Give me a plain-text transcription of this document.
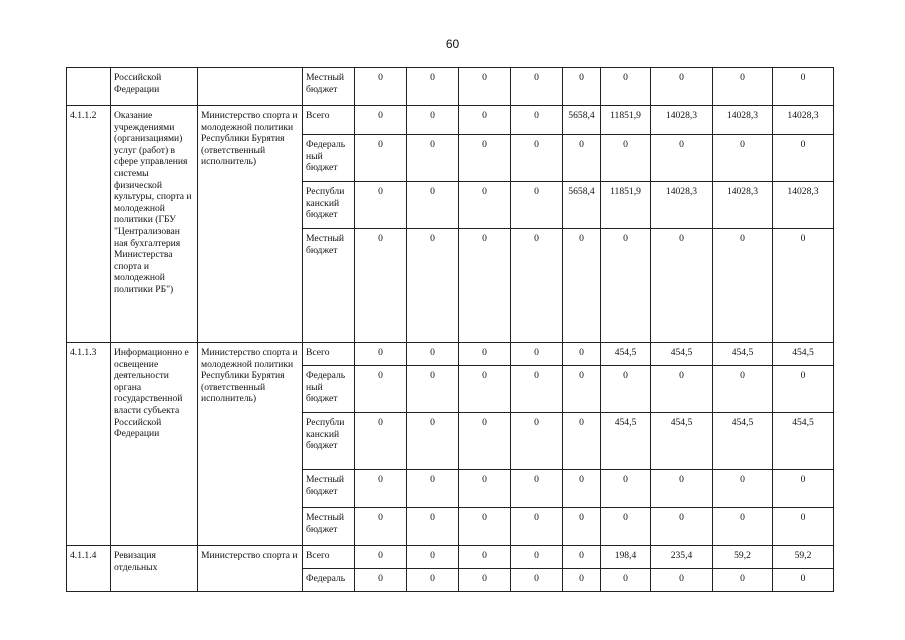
60
	Российской Федерации		Местный бюджет	0	0	0	0	0	0	0	0	0
4.1.1.2	Оказание учреждениями (организациями) услуг (работ) в сфере управления системы физической культуры, спорта и молодежной политики (ГБУ "Централизован ная бухгалтерия Министерства спорта и молодежной политики РБ")	Министерство спорта и молодежной политики Республики Бурятия (ответственный исполнитель)	Всего	0	0	0	0	5658,4	11851,9	14028,3	14028,3	14028,3
			Федераль ный бюджет	0	0	0	0	0	0	0	0	0
			Республи канский бюджет	0	0	0	0	5658,4	11851,9	14028,3	14028,3	14028,3
			Местный бюджет	0	0	0	0	0	0	0	0	0
4.1.1.3	Информационно е освещение деятельности органа государственной власти субъекта Российской Федерации	Министерство спорта и молодежной политики Республики Бурятия (ответственный исполнитель)	Всего	0	0	0	0	0	454,5	454,5	454,5	454,5
			Федераль ный бюджет	0	0	0	0	0	0	0	0	0
			Республи канский бюджет	0	0	0	0	0	454,5	454,5	454,5	454,5
			Местный бюджет	0	0	0	0	0	0	0	0	0
			Местный бюджет	0	0	0	0	0	0	0	0	0
4.1.1.4	Ревизация отдельных	Министерство спорта и	Всего	0	0	0	0	0	198,4	235,4	59,2	59,2
			Федераль	0	0	0	0	0	0	0	0	0
